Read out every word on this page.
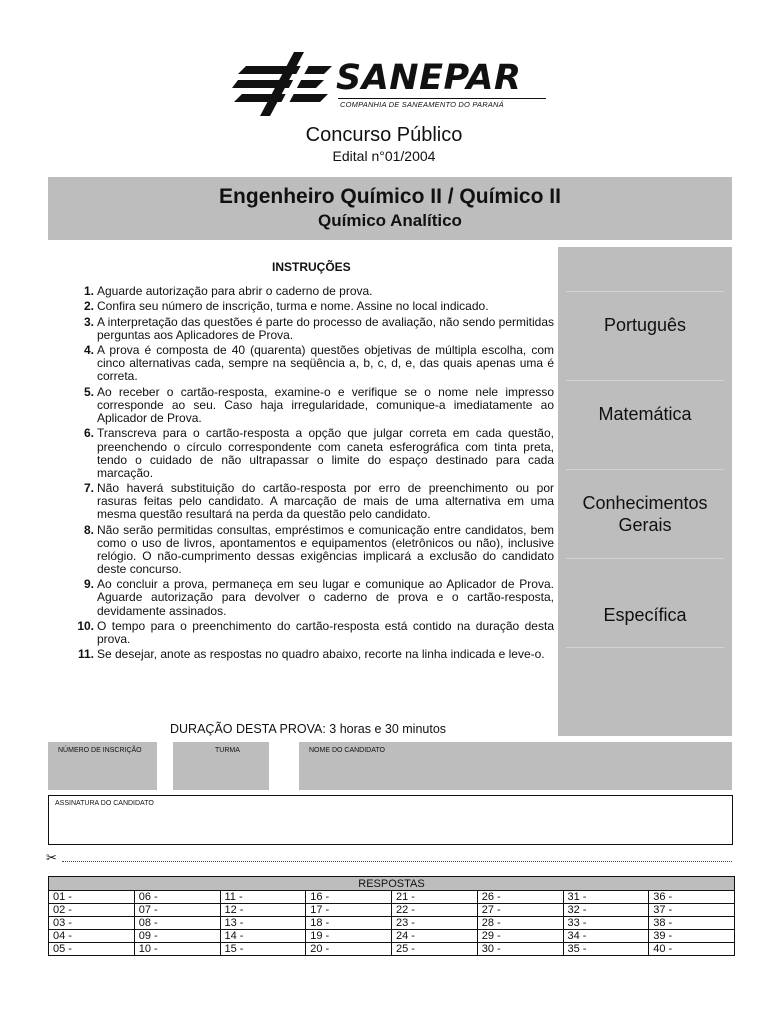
SANEPAR
COMPANHIA DE SANEAMENTO DO PARANÁ
Concurso Público
Edital n°01/2004
Engenheiro Químico II / Químico II
Químico Analítico
INSTRUÇÕES
1. Aguarde autorização para abrir o caderno de prova.
2. Confira seu número de inscrição, turma e nome. Assine no local indicado.
3. A interpretação das questões é parte do processo de avaliação, não sendo permitidas perguntas aos Aplicadores de Prova.
4. A prova é composta de 40 (quarenta) questões objetivas de múltipla escolha, com cinco alternativas cada, sempre na seqüência a, b, c, d, e, das quais apenas uma é correta.
5. Ao receber o cartão-resposta, examine-o e verifique se o nome nele impresso corresponde ao seu. Caso haja irregularidade, comunique-a imediatamente ao Aplicador de Prova.
6. Transcreva para o cartão-resposta a opção que julgar correta em cada questão, preenchendo o círculo correspondente com caneta esferográfica com tinta preta, tendo o cuidado de não ultrapassar o limite do espaço destinado para cada marcação.
7. Não haverá substituição do cartão-resposta por erro de preenchimento ou por rasuras feitas pelo candidato. A marcação de mais de uma alternativa em uma mesma questão resultará na perda da questão pelo candidato.
8. Não serão permitidas consultas, empréstimos e comunicação entre candidatos, bem como o uso de livros, apontamentos e equipamentos (eletrônicos ou não), inclusive relógio. O não-cumprimento dessas exigências implicará a exclusão do candidato deste concurso.
9. Ao concluir a prova, permaneça em seu lugar e comunique ao Aplicador de Prova. Aguarde autorização para devolver o caderno de prova e o cartão-resposta, devidamente assinados.
10. O tempo para o preenchimento do cartão-resposta está contido na duração desta prova.
11. Se desejar, anote as respostas no quadro abaixo, recorte na linha indicada e leve-o.
DURAÇÃO DESTA PROVA: 3 horas e 30 minutos
Português
Matemática
Conhecimentos Gerais
Específica
NÚMERO DE INSCRIÇÃO	TURMA	NOME DO CANDIDATO
ASSINATURA DO CANDIDATO
✂
RESPOSTAS							
01 -	06 -	11 -	16 -	21 -	26 -	31 -	36 -
02 -	07 -	12 -	17 -	22 -	27 -	32 -	37 -
03 -	08 -	13 -	18 -	23 -	28 -	33 -	38 -
04 -	09 -	14 -	19 -	24 -	29 -	34 -	39 -
05 -	10 -	15 -	20 -	25 -	30 -	35 -	40 -
